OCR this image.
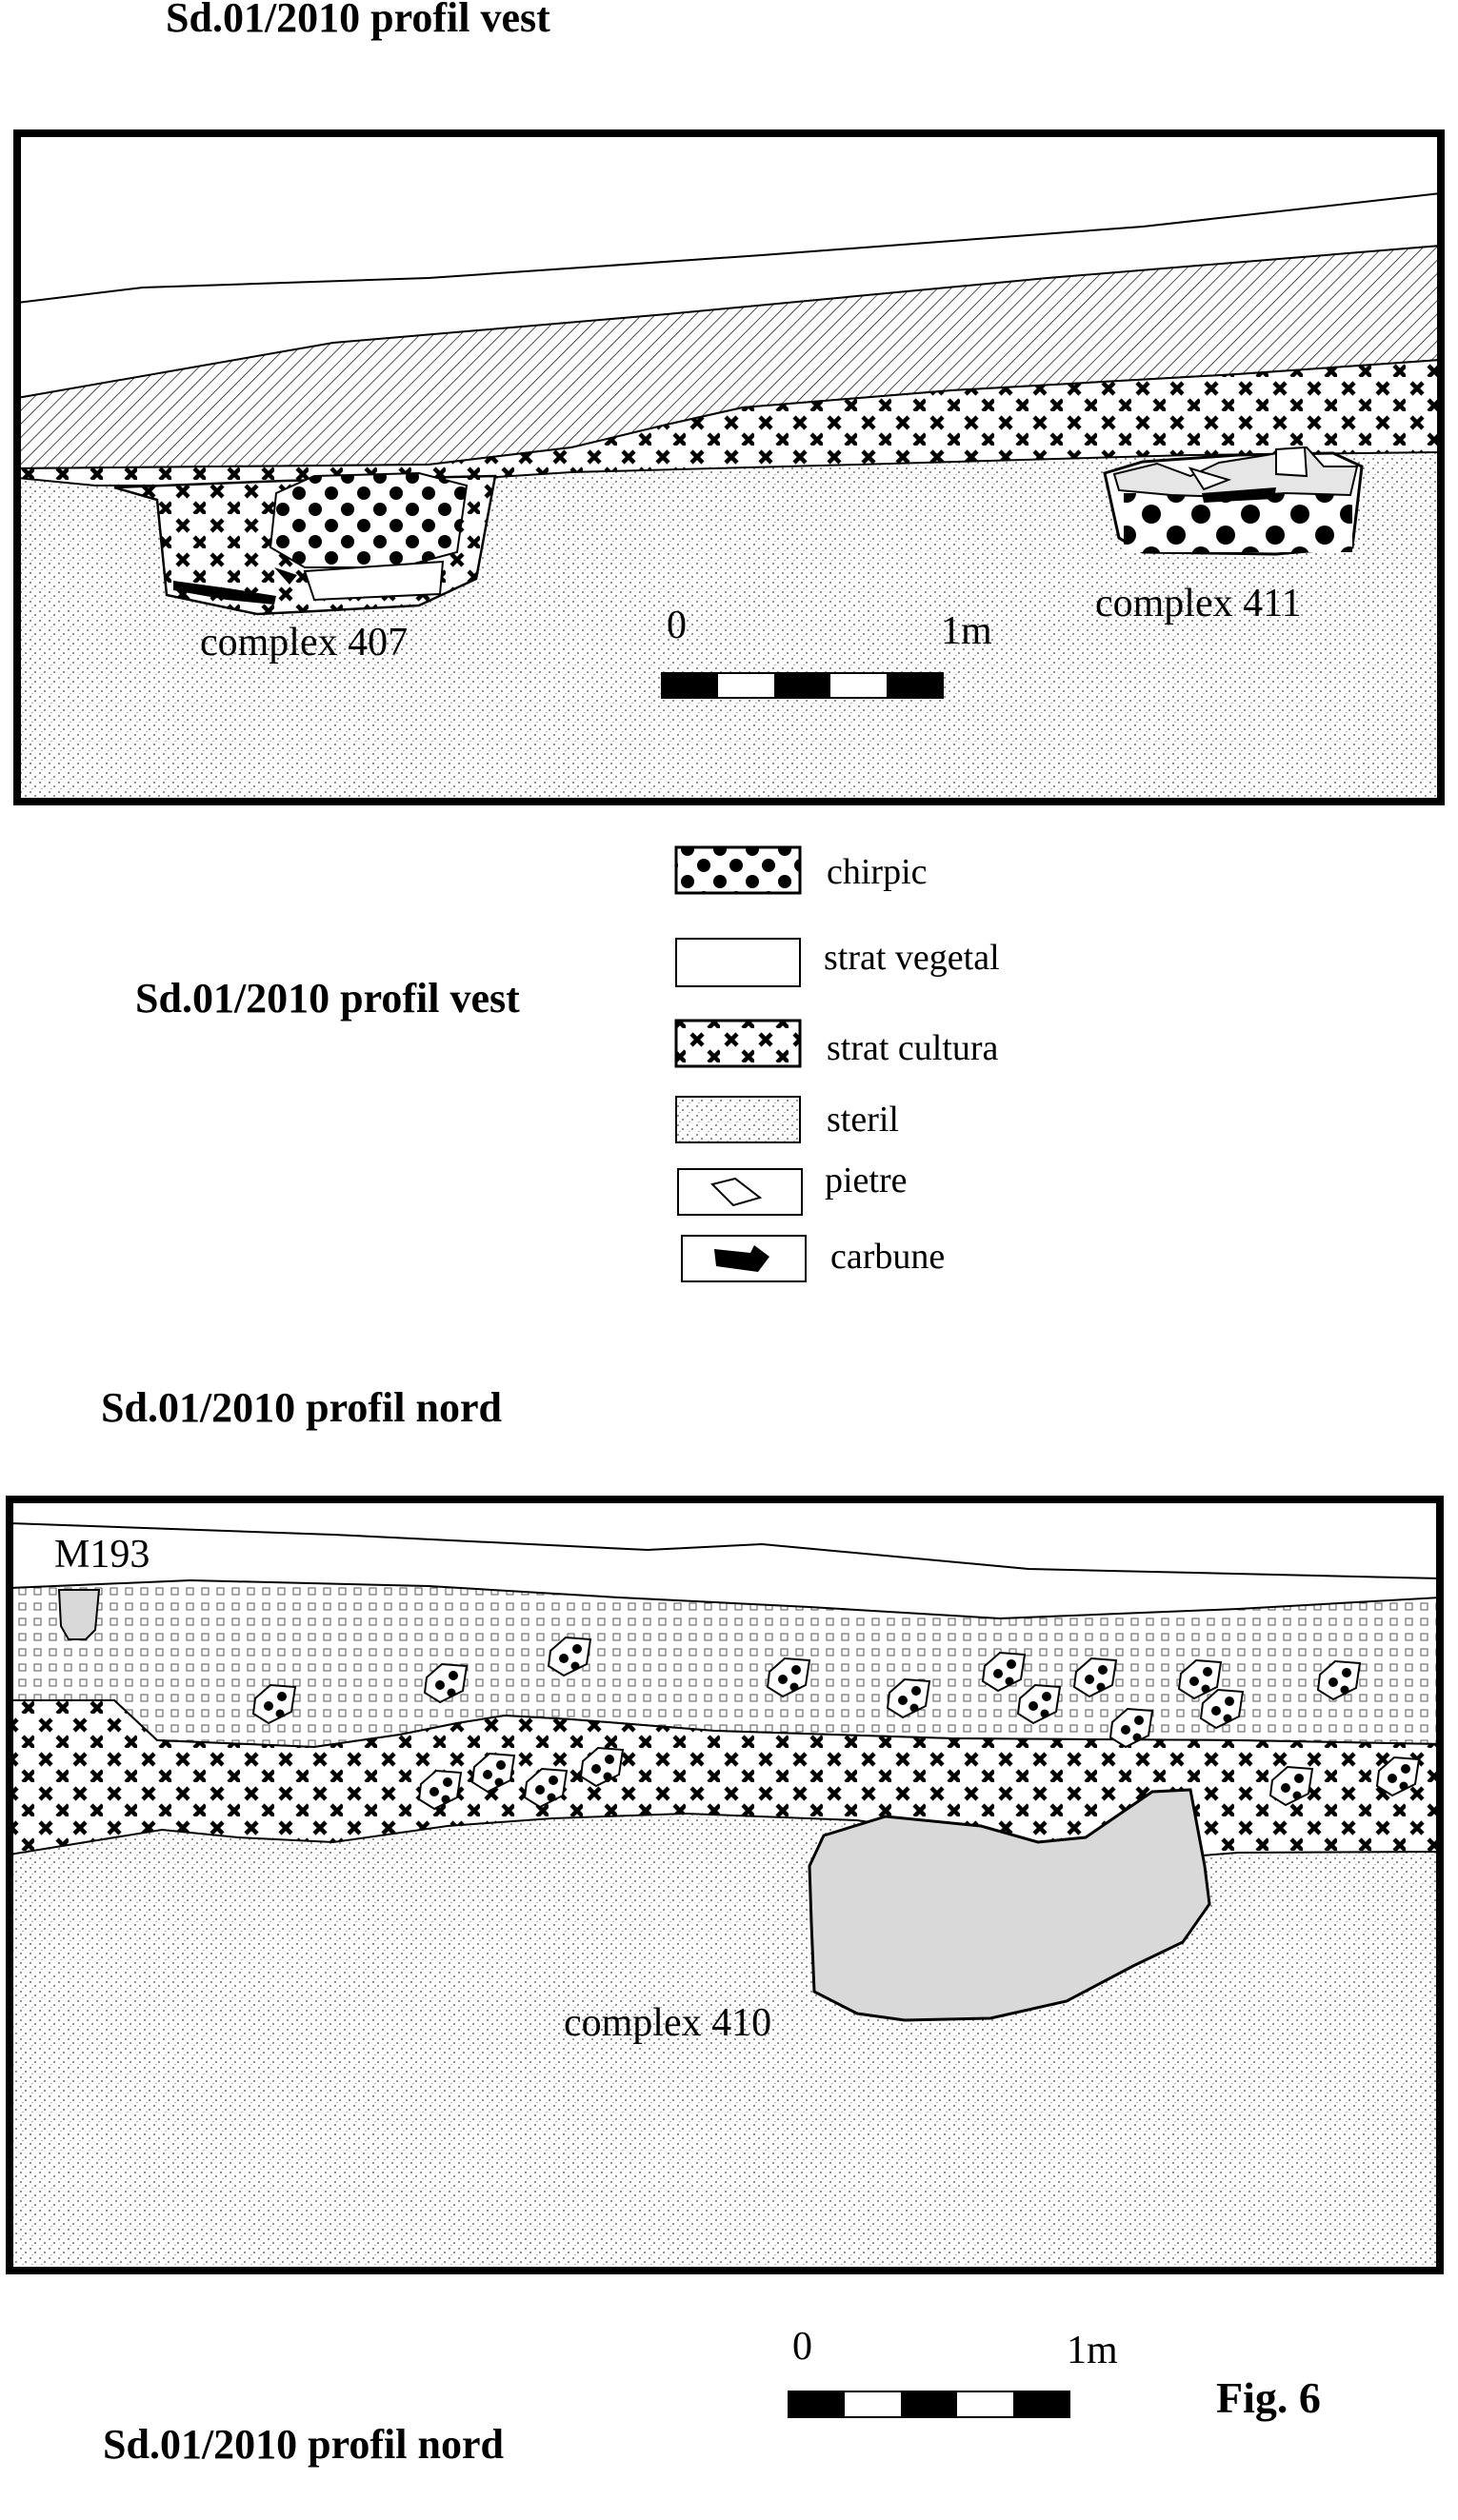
Sd.01/2010 profil vest
complex 407
complex 411
0	1m
chirpic
strat vegetal
strat cultura
steril
pietre
carbune
Sd.01/2010 profil vest
Sd.01/2010 profil nord
M193
complex 410
0	1m
Fig. 6
Sd.01/2010 profil nord
